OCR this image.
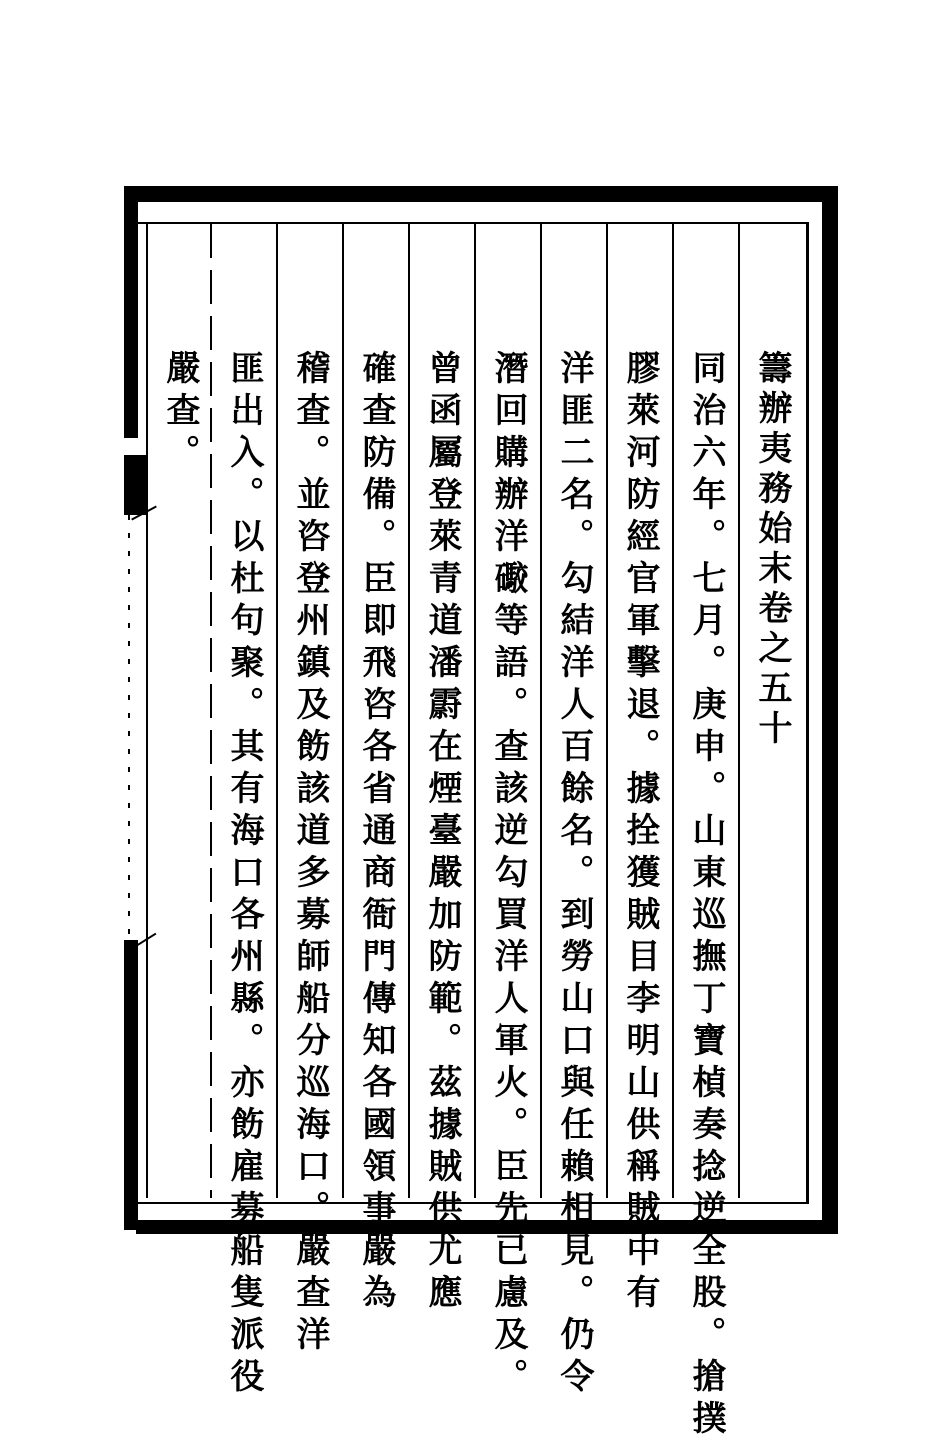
籌辦夷務始末卷之五十
同治六年。七月。庚申。山東巡撫丁寶楨奏捻逆全股。搶撲
膠萊河防經官軍擊退。據拴獲賊目李明山供稱賊中有
洋匪二名。勾結洋人百餘名。到勞山口與任賴相見。仍令
潛回購辦洋礮等語。查該逆勾買洋人軍火。臣先已慮及。
曾函屬登萊青道潘霨在煙臺嚴加防範。茲據賊供尤應
確查防備。臣即飛咨各省通商衙門傳知各國領事嚴為
稽查。並咨登州鎮及飭該道多募師船分巡海口。嚴查洋
匪出入。以杜句聚。其有海口各州縣。亦飭雇募船隻派役
嚴查。
